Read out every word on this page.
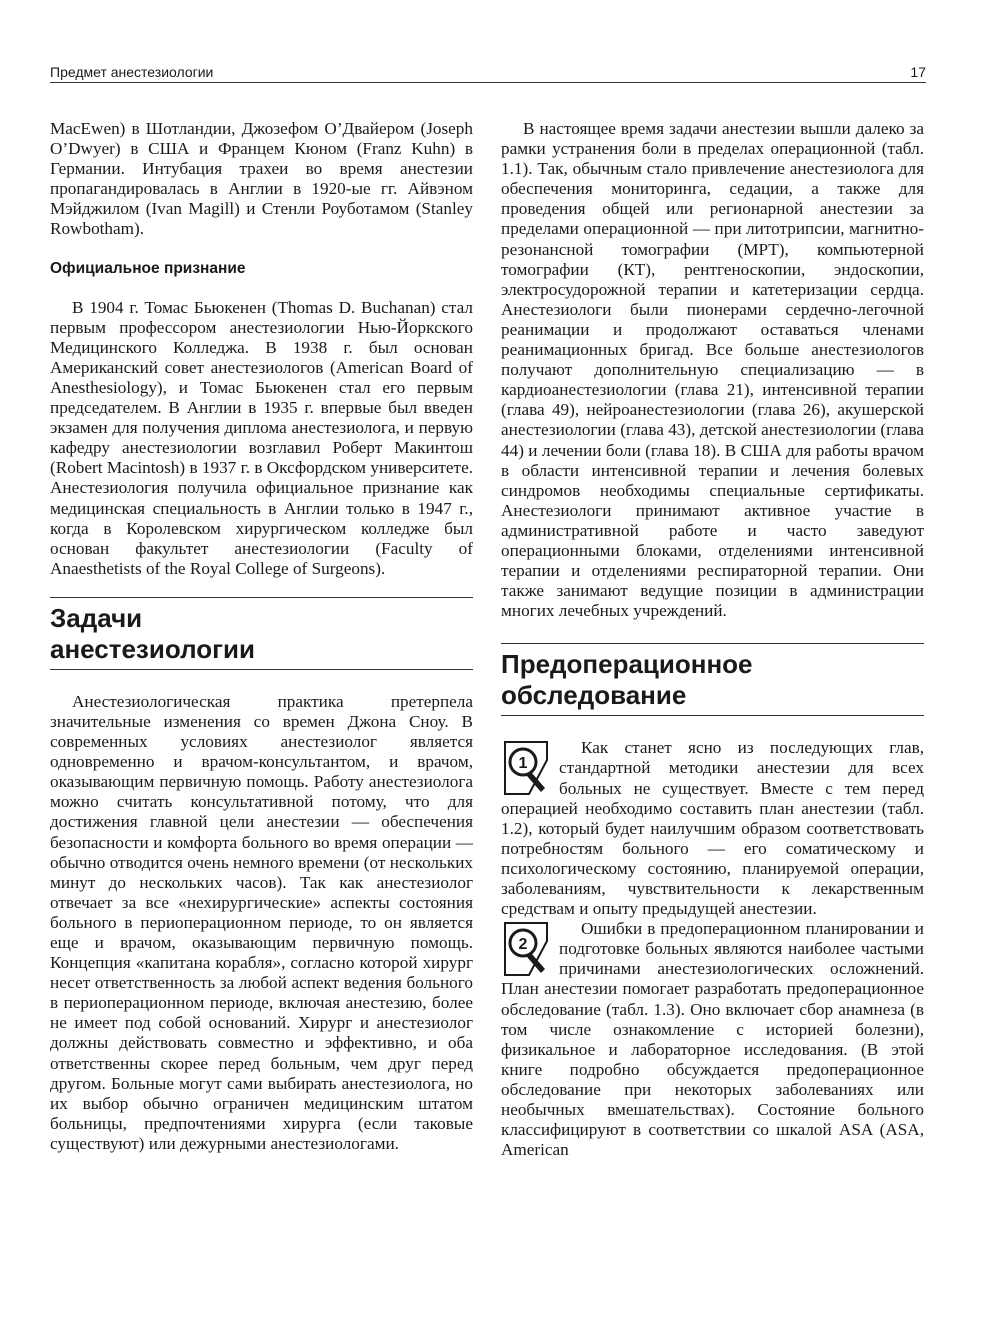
Предмет анестезиологии	17

MacEwen) в Шотландии, Джозефом О’Двайером (Joseph O’Dwyer) в США и Францем Кюном (Franz Kuhn) в Германии. Интубация трахеи во время анестезии пропагандировалась в Англии в 1920-ые гг. Айвэном Мэйджилом (Ivan Magill) и Стенли Роуботамом (Stanley Rowbotham).

Официальное признание

В 1904 г. Томас Бьюкенен (Thomas D. Buchanan) стал первым профессором анестезиологии Нью-Йоркского Медицинского Колледжа. В 1938 г. был основан Американский совет анестезиологов (American Board of Anesthesiology), и Томас Бьюкенен стал его первым председателем. В Англии в 1935 г. впервые был введен экзамен для получения диплома анестезиолога, и первую кафедру анестезиологии возглавил Роберт Макинтош (Robert Macintosh) в 1937 г. в Оксфордском университете. Анестезиология получила официальное признание как медицинская специальность в Англии только в 1947 г., когда в Королевском хирургическом колледже был основан факультет анестезиологии (Faculty of Anaesthetists of the Royal College of Surgeons).

Задачи
анестезиологии

Анестезиологическая практика претерпела значительные изменения со времен Джона Сноу. В современных условиях анестезиолог является одновременно и врачом-консультантом, и врачом, оказывающим первичную помощь. Работу анестезиолога можно считать консультативной потому, что для достижения главной цели анестезии — обеспечения безопасности и комфорта больного во время операции — обычно отводится очень немного времени (от нескольких минут до нескольких часов). Так как анестезиолог отвечает за все «нехирургические» аспекты состояния больного в периоперационном периоде, то он является еще и врачом, оказывающим первичную помощь. Концепция «капитана корабля», согласно которой хирург несет ответственность за любой аспект ведения больного в периоперационном периоде, включая анестезию, более не имеет под собой оснований. Хирург и анестезиолог должны действовать совместно и эффективно, и оба ответственны скорее перед больным, чем друг перед другом. Больные могут сами выбирать анестезиолога, но их выбор обычно ограничен медицинским штатом больницы, предпочтениями хирурга (если таковые существуют) или дежурными анестезиологами.

В настоящее время задачи анестезии вышли далеко за рамки устранения боли в пределах операционной (табл. 1.1). Так, обычным стало привлечение анестезиолога для обеспечения мониторинга, седации, а также для проведения общей или регионарной анестезии за пределами операционной — при литотрипсии, магнитно-резонансной томографии (МРТ), компьютерной томографии (КТ), рентгеноскопии, эндоскопии, электросудорожной терапии и катетеризации сердца. Анестезиологи были пионерами сердечно-легочной реанимации и продолжают оставаться членами реанимационных бригад. Все больше анестезиологов получают дополнительную специализацию — в кардиоанестезиологии (глава 21), интенсивной терапии (глава 49), нейроанестезиологии (глава 26), акушерской анестезиологии (глава 43), детской анестезиологии (глава 44) и лечении боли (глава 18). В США для работы врачом в области интенсивной терапии и лечения болевых синдромов необходимы специальные сертификаты. Анестезиологи принимают активное участие в административной работе и часто заведуют операционными блоками, отделениями интенсивной терапии и отделениями респираторной терапии. Они также занимают ведущие позиции в администрации многих лечебных учреждений.

Предоперационное
обследование

1
Как станет ясно из последующих глав, стандартной методики анестезии для всех больных не существует. Вместе с тем перед операцией необходимо составить план анестезии (табл. 1.2), который будет наилучшим образом соответствовать потребностям больного — его соматическому и психологическому состоянию, планируемой операции, заболеваниям, чувствительности к лекарственным средствам и опыту предыдущей анестезии.

2
Ошибки в предоперационном планировании и подготовке больных являются наиболее частыми причинами анестезиологических осложнений. План анестезии помогает разработать предоперационное обследование (табл. 1.3). Оно включает сбор анамнеза (в том числе ознакомление с историей болезни), физикальное и лабораторное исследования. (В этой книге подробно обсуждается предоперационное обследование при некоторых заболеваниях или необычных вмешательствах). Состояние больного классифицируют в соответствии со шкалой ASA (ASA, American
